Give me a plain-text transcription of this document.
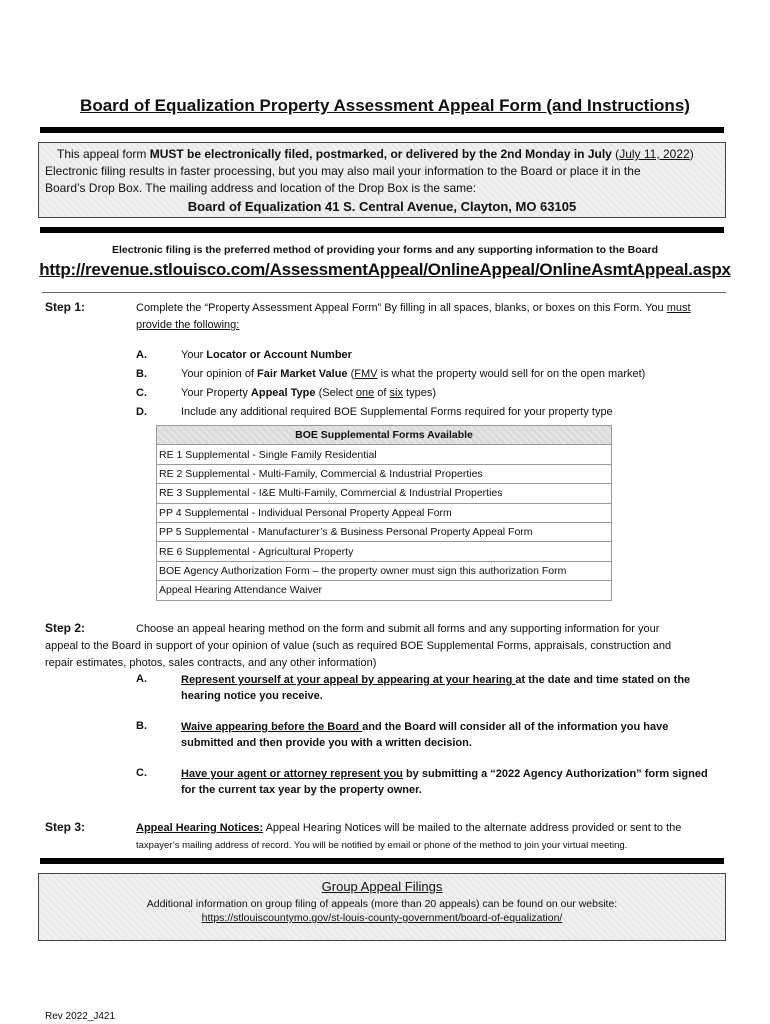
Board of Equalization Property Assessment Appeal Form (and Instructions)
This appeal form MUST be electronically filed, postmarked, or delivered by the 2nd Monday in July (July 11, 2022)
Electronic filing results in faster processing, but you may also mail your information to the Board or place it in the
Board’s Drop Box. The mailing address and location of the Drop Box is the same:
Board of Equalization 41 S. Central Avenue, Clayton, MO 63105
Electronic filing is the preferred method of providing your forms and any supporting information to the Board
http://revenue.stlouisco.com/AssessmentAppeal/OnlineAppeal/OnlineAsmtAppeal.aspx
Step 1:	Complete the “Property Assessment Appeal Form” By filling in all spaces, blanks, or boxes on this Form. You must
provide the following:
A.	Your Locator or Account Number
B.	Your opinion of Fair Market Value (FMV is what the property would sell for on the open market)
C.	Your Property Appeal Type (Select one of six types)
D.	Include any additional required BOE Supplemental Forms required for your property type
BOE Supplemental Forms Available
RE 1 Supplemental - Single Family Residential
RE 2 Supplemental - Multi-Family, Commercial & Industrial Properties
RE 3 Supplemental - I&E Multi-Family, Commercial & Industrial Properties
PP 4 Supplemental - Individual Personal Property Appeal Form
PP 5 Supplemental - Manufacturer’s & Business Personal Property Appeal Form
RE 6 Supplemental - Agricultural Property
BOE Agency Authorization Form – the property owner must sign this authorization Form
Appeal Hearing Attendance Waiver
Step 2:	Choose an appeal hearing method on the form and submit all forms and any supporting information for your
appeal to the Board in support of your opinion of value (such as required BOE Supplemental Forms, appraisals, construction and
repair estimates, photos, sales contracts, and any other information)
A.	Represent yourself at your appeal by appearing at your hearing at the date and time stated on the hearing notice you receive.
B.	Waive appearing before the Board and the Board will consider all of the information you have submitted and then provide you with a written decision.
C.	Have your agent or attorney represent you by submitting a “2022 Agency Authorization” form signed for the current tax year by the property owner.
Step 3:	Appeal Hearing Notices: Appeal Hearing Notices will be mailed to the alternate address provided or sent to the
taxpayer’s mailing address of record. You will be notified by email or phone of the method to join your virtual meeting.
Group Appeal Filings
Additional information on group filing of appeals (more than 20 appeals) can be found on our website:
https://stlouiscountymo.gov/st-louis-county-government/board-of-equalization/
Rev 2022_J421
